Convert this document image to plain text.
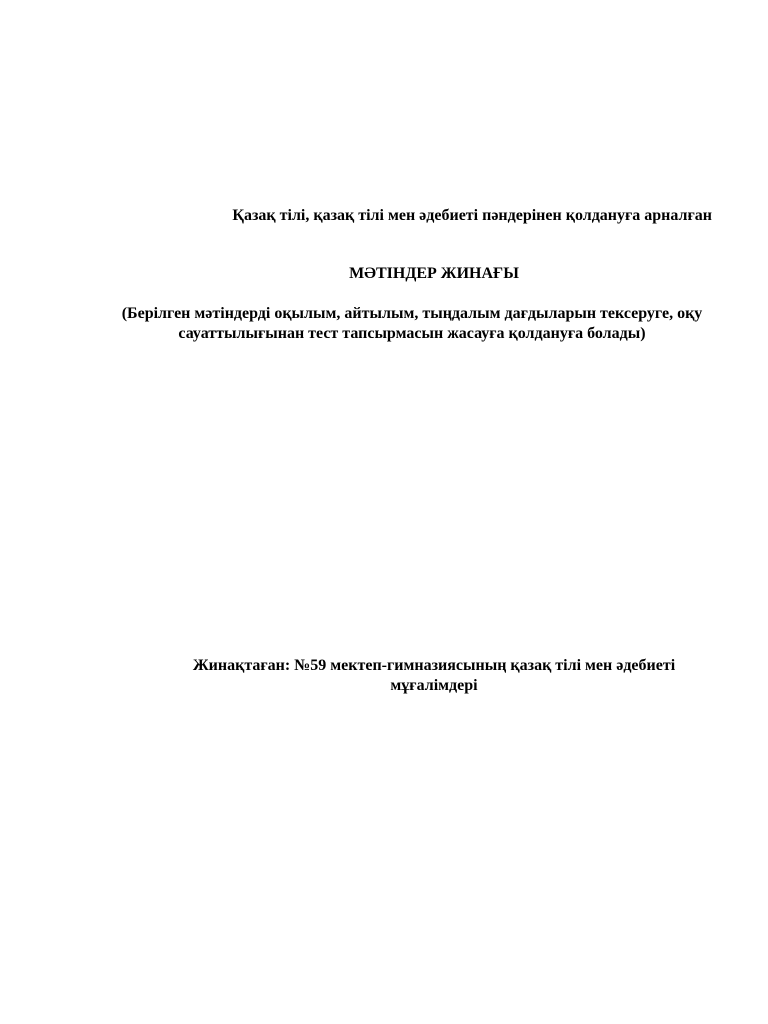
Қазақ тілі, қазақ тілі мен әдебиеті пәндерінен қолдануға арналған

МӘТІНДЕР ЖИНАҒЫ

(Берілген мәтіндерді оқылым, айтылым, тыңдалым дағдыларын тексеруге, оқу сауаттылығынан тест тапсырмасын жасауға қолдануға болады)

Жинақтаған: №59 мектеп-гимназиясының қазақ тілі мен әдебиеті мұғалімдері
